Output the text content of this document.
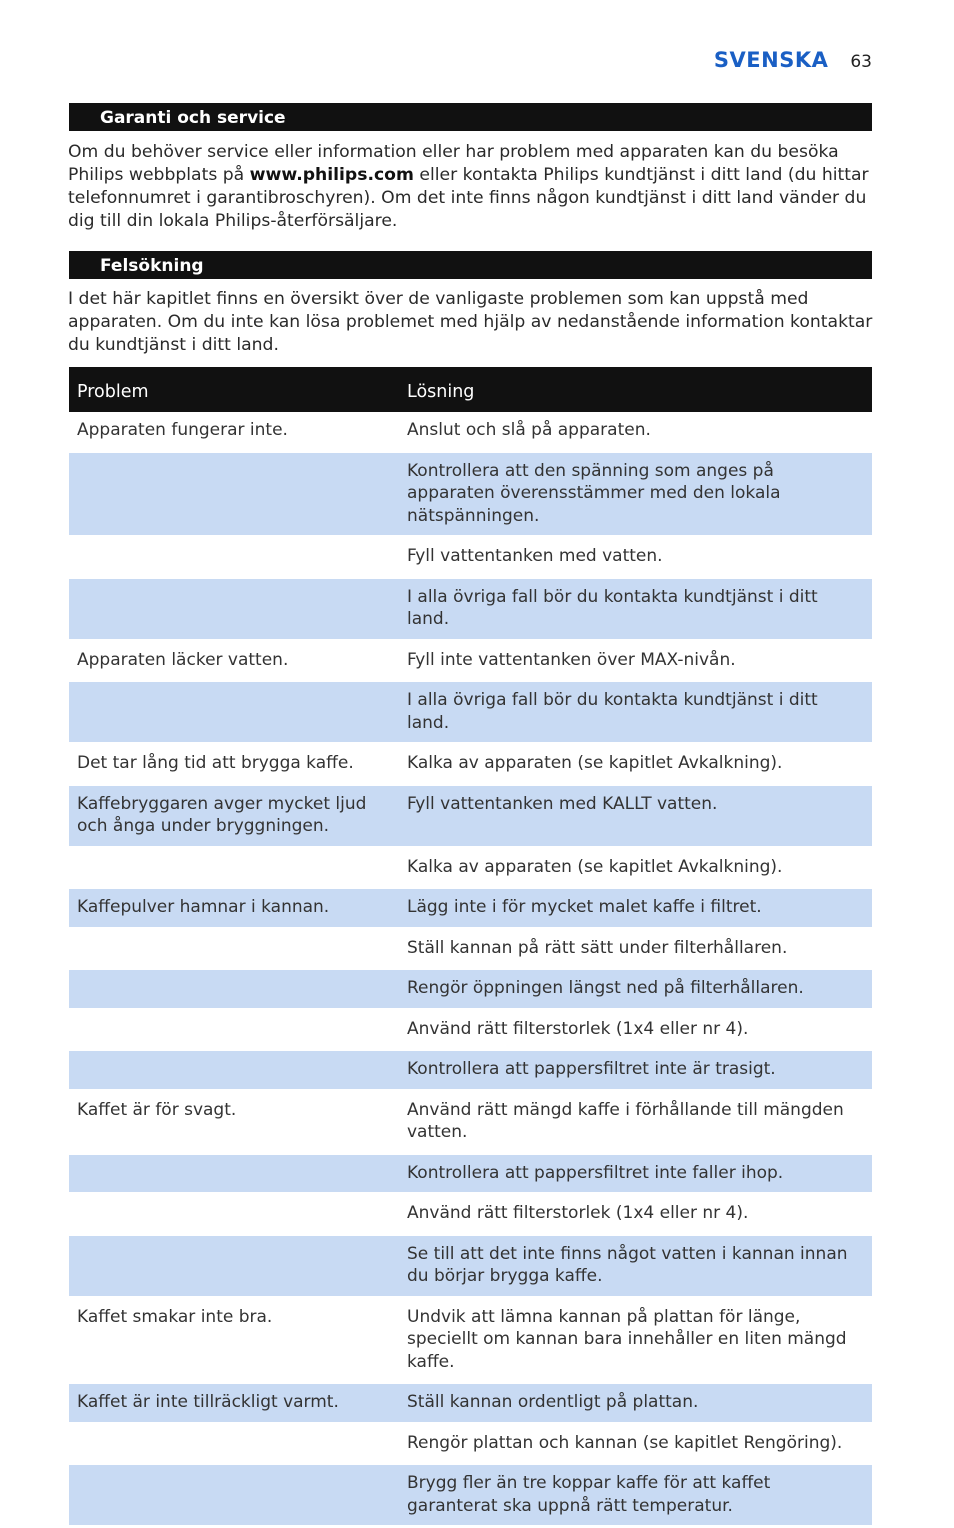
SVENSKA 63
Garanti och service
Om du behöver service eller information eller har problem med apparaten kan du besöka Philips webbplats på www.philips.com eller kontakta Philips kundtjänst i ditt land (du hittar telefonnumret i garantibroschyren). Om det inte finns någon kundtjänst i ditt land vänder du dig till din lokala Philips-återförsäljare.
Felsökning
I det här kapitlet finns en översikt över de vanligaste problemen som kan uppstå med apparaten. Om du inte kan lösa problemet med hjälp av nedanstående information kontaktar du kundtjänst i ditt land.
Problem	Lösning
Apparaten fungerar inte.	Anslut och slå på apparaten.
	Kontrollera att den spänning som anges på apparaten överensstämmer med den lokala nätspänningen.
	Fyll vattentanken med vatten.
	I alla övriga fall bör du kontakta kundtjänst i ditt land.
Apparaten läcker vatten.	Fyll inte vattentanken över MAX-nivån.
	I alla övriga fall bör du kontakta kundtjänst i ditt land.
Det tar lång tid att brygga kaffe.	Kalka av apparaten (se kapitlet Avkalkning).
Kaffebryggaren avger mycket ljud och ånga under bryggningen.	Fyll vattentanken med KALLT vatten.
	Kalka av apparaten (se kapitlet Avkalkning).
Kaffepulver hamnar i kannan.	Lägg inte i för mycket malet kaffe i filtret.
	Ställ kannan på rätt sätt under filterhållaren.
	Rengör öppningen längst ned på filterhållaren.
	Använd rätt filterstorlek (1x4 eller nr 4).
	Kontrollera att pappersfiltret inte är trasigt.
Kaffet är för svagt.	Använd rätt mängd kaffe i förhållande till mängden vatten.
	Kontrollera att pappersfiltret inte faller ihop.
	Använd rätt filterstorlek (1x4 eller nr 4).
	Se till att det inte finns något vatten i kannan innan du börjar brygga kaffe.
Kaffet smakar inte bra.	Undvik att lämna kannan på plattan för länge, speciellt om kannan bara innehåller en liten mängd kaffe.
Kaffet är inte tillräckligt varmt.	Ställ kannan ordentligt på plattan.
	Rengör plattan och kannan (se kapitlet Rengöring).
	Brygg fler än tre koppar kaffe för att kaffet garanterat ska uppnå rätt temperatur.
